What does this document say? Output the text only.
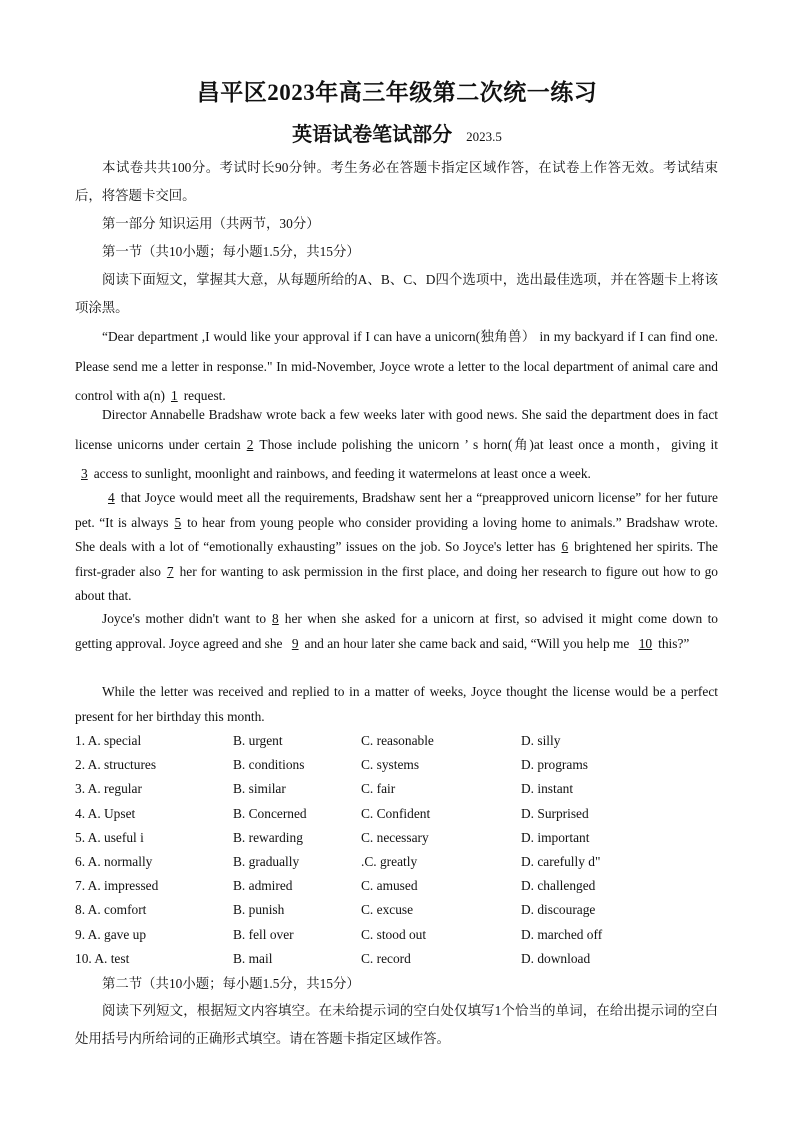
昌平区2023年高三年级第二次统一练习
英语试卷笔试部分 2023.5

本试卷共共100分。考试时长90分钟。考生务必在答题卡指定区域作答，在试卷上作答无效。考试结束后，将答题卡交回。

第一部分 知识运用（共两节，30分）

第一节（共10小题；每小题1.5分，共15分）

阅读下面短文，掌握其大意，从每题所给的A、B、C、D四个选项中，选出最佳选项，并在答题卡上将该项涂黑。

“Dear department ,I would like your approval if I can have a unicorn(独角兽） in my backyard if I can find one. Please send me a letter in response." In mid-November, Joyce wrote a letter to the local department of animal care and control with a(n) 1 request.

Director Annabelle Bradshaw wrote back a few weeks later with good news. She said the department does in fact license unicorns under certain 2 Those include polishing the unicorn ’ s horn(角)at least once a month，giving it 3 access to sunlight, moonlight and rainbows, and feeding it watermelons at least once a week.

4 that Joyce would meet all the requirements, Bradshaw sent her a “preapproved unicorn license” for her future pet. “It is always 5 to hear from young people who consider providing a loving home to animals.” Bradshaw wrote. She deals with a lot of “emotionally exhausting” issues on the job. So Joyce's letter has 6 brightened her spirits. The first-grader also 7 her for wanting to ask permission in the first place, and doing her research to figure out how to go about that.

Joyce's mother didn't want to 8 her when she asked for a unicorn at first, so advised it might come down to getting approval. Joyce agreed and she 9 and an hour later she came back and said, “Will you help me 10 this?”

While the letter was received and replied to in a matter of weeks, Joyce thought the license would be a perfect present for her birthday this month.

1. A. special	B. urgent	C. reasonable	D. silly
2. A. structures	B. conditions	C. systems	D. programs
3. A. regular	B. similar	C. fair	D. instant
4. A. Upset	B. Concerned	C. Confident	D. Surprised
5. A. useful i	B. rewarding	C. necessary	D. important
6. A. normally	B. gradually	.C. greatly	D. carefully d"
7. A. impressed	B. admired	C. amused	D. challenged
8. A. comfort	B. punish	C. excuse	D. discourage
9. A. gave up	B. fell over	C. stood out	D. marched off
10. A. test	B. mail	C. record	D. download

第二节（共10小题；每小题1.5分，共15分）

阅读下列短文，根据短文内容填空。在未给提示词的空白处仅填写1个恰当的单词，在给出提示词的空白处用括号内所给词的正确形式填空。请在答题卡指定区域作答。
